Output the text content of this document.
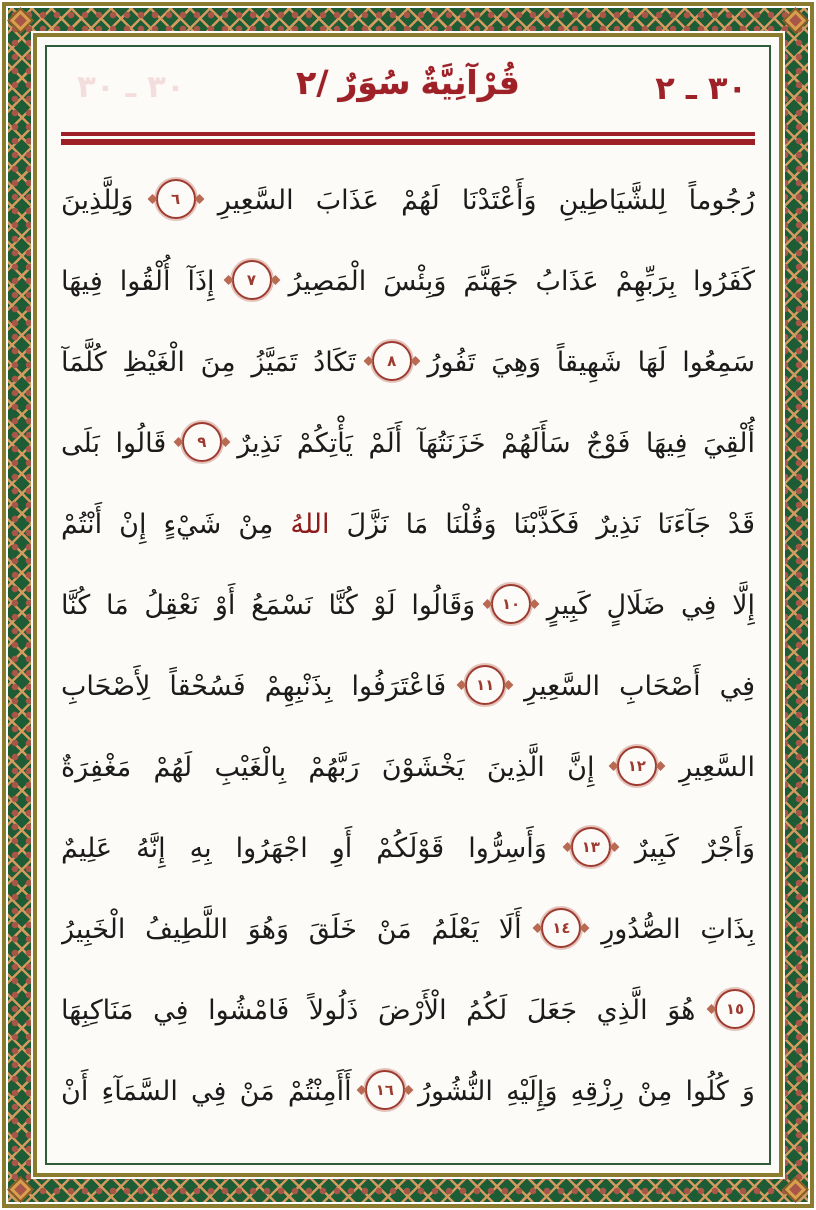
٣٠ ـ ٣٠	٢/ سُوَرٌ قُرْآنِيَّةٌ	٣٠ ـ ٢
رُجُوماً لِلشَّيَاطِينِ وَأَعْتَدْنَا لَهُمْ عَذَابَ السَّعِيرِ ٦ وَلِلَّذِينَ
كَفَرُوا بِرَبِّهِمْ عَذَابُ جَهَنَّمَ وَبِئْسَ الْمَصِيرُ ٧ إِذَآ أُلْقُوا فِيهَا
سَمِعُوا لَهَا شَهِيقاً وَهِيَ تَفُورُ ٨ تَكَادُ تَمَيَّزُ مِنَ الْغَيْظِ كُلَّمَآ
أُلْقِيَ فِيهَا فَوْجٌ سَأَلَهُمْ خَزَنَتُهَآ أَلَمْ يَأْتِكُمْ نَذِيرٌ ٩ قَالُوا بَلَى
قَدْ جَآءَنَا نَذِيرٌ فَكَذَّبْنَا وَقُلْنَا مَا نَزَّلَ اللهُ مِنْ شَيْءٍ إِنْ أَنْتُمْ
إِلَّا فِي ضَلَالٍ كَبِيرٍ ١٠ وَقَالُوا لَوْ كُنَّا نَسْمَعُ أَوْ نَعْقِلُ مَا كُنَّا
فِي أَصْحَابِ السَّعِيرِ ١١ فَاعْتَرَفُوا بِذَنْبِهِمْ فَسُحْقاً لِأَصْحَابِ
السَّعِيرِ ١٢ إِنَّ الَّذِينَ يَخْشَوْنَ رَبَّهُمْ بِالْغَيْبِ لَهُمْ مَغْفِرَةٌ
وَأَجْرٌ كَبِيرٌ ١٣ وَأَسِرُّوا قَوْلَكُمْ أَوِ اجْهَرُوا بِهِ إِنَّهُ عَلِيمٌ
بِذَاتِ الصُّدُورِ ١٤ أَلَا يَعْلَمُ مَنْ خَلَقَ وَهُوَ اللَّطِيفُ الْخَبِيرُ
١٥ هُوَ الَّذِي جَعَلَ لَكُمُ الْأَرْضَ ذَلُولاً فَامْشُوا فِي مَنَاكِبِهَا
وَ كُلُوا مِنْ رِزْقِهِ وَإِلَيْهِ النُّشُورُ ١٦ أَأَمِنْتُمْ مَنْ فِي السَّمَآءِ أَنْ
